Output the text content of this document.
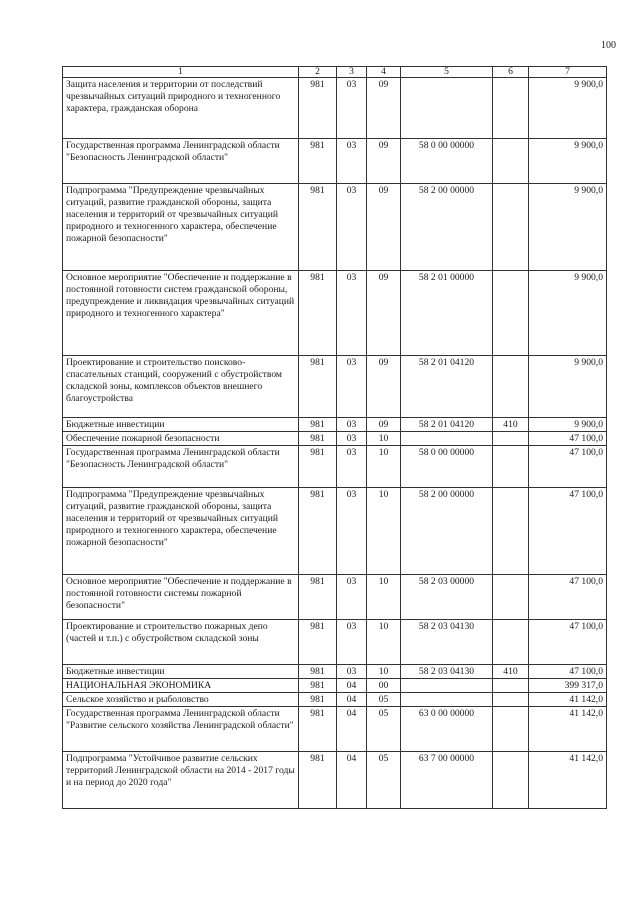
100
1	2	3	4	5	6	7
Защита населения и территории от последствий чрезвычайных ситуаций природного и техногенного характера, гражданская оборона	981	03	09			9 900,0
Государственная программа Ленинградской области "Безопасность Ленинградской области"	981	03	09	58 0 00 00000		9 900,0
Подпрограмма "Предупреждение чрезвычайных ситуаций, развитие гражданской обороны, защита населения и территорий от чрезвычайных ситуаций природного и техногенного характера, обеспечение пожарной безопасности"	981	03	09	58 2 00 00000		9 900,0
Основное мероприятие "Обеспечение и поддержание в постоянной готовности систем гражданской обороны, предупреждение и ликвидация чрезвычайных ситуаций природного и техногенного характера"	981	03	09	58 2 01 00000		9 900,0
Проектирование и строительство поисково-спасательных станций, сооружений с обустройством складской зоны, комплексов объектов внешнего благоустройства	981	03	09	58 2 01 04120		9 900,0
Бюджетные инвестиции	981	03	09	58 2 01 04120	410	9 900,0
Обеспечение пожарной безопасности	981	03	10			47 100,0
Государственная программа Ленинградской области "Безопасность Ленинградской области"	981	03	10	58 0 00 00000		47 100,0
Подпрограмма "Предупреждение чрезвычайных ситуаций, развитие гражданской обороны, защита населения и территорий от чрезвычайных ситуаций природного и техногенного характера, обеспечение пожарной безопасности"	981	03	10	58 2 00 00000		47 100,0
Основное мероприятие "Обеспечение и поддержание в постоянной готовности системы пожарной безопасности"	981	03	10	58 2 03 00000		47 100,0
Проектирование и строительство пожарных депо (частей и т.п.) с обустройством складской зоны	981	03	10	58 2 03 04130		47 100,0
Бюджетные инвестиции	981	03	10	58 2 03 04130	410	47 100,0
НАЦИОНАЛЬНАЯ ЭКОНОМИКА	981	04	00			399 317,0
Сельское хозяйство и рыболовство	981	04	05			41 142,0
Государственная программа Ленинградской области "Развитие сельского хозяйства Ленинградской области"	981	04	05	63 0 00 00000		41 142,0
Подпрограмма "Устойчивое развитие сельских территорий Ленинградской области на 2014 - 2017 годы и на период до 2020 года"	981	04	05	63 7 00 00000		41 142,0
